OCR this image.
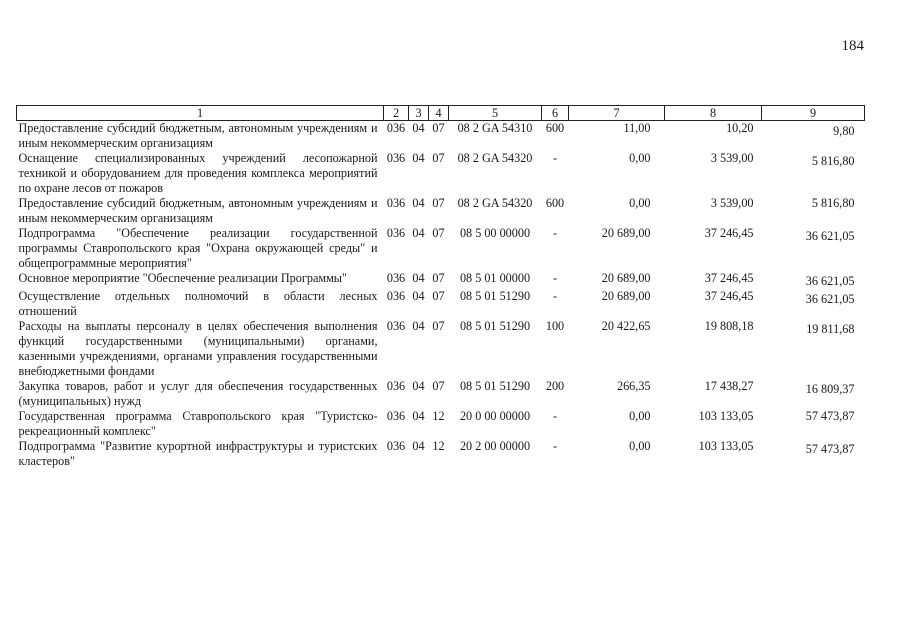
184
1	2	3	4	5	6	7	8	9
Предоставление субсидий бюджетным, автономным учреждениям и иным некоммерческим организациям	036	04	07	08 2 GA 54310	600	11,00	10,20	9,80
Оснащение специализированных учреждений лесопожарной техникой и оборудованием для проведения комплекса мероприятий по охране лесов от пожаров	036	04	07	08 2 GA 54320	-	0,00	3 539,00	5 816,80
Предоставление субсидий бюджетным, автономным учреждениям и иным некоммерческим организациям	036	04	07	08 2 GA 54320	600	0,00	3 539,00	5 816,80
Подпрограмма "Обеспечение реализации государственной программы Ставропольского края "Охрана окружающей среды" и общепрограммные мероприятия"	036	04	07	08 5 00 00000	-	20 689,00	37 246,45	36 621,05
Основное мероприятие "Обеспечение реализации Программы"	036	04	07	08 5 01 00000	-	20 689,00	37 246,45	36 621,05
Осуществление отдельных полномочий в области лесных отношений	036	04	07	08 5 01 51290	-	20 689,00	37 246,45	36 621,05
Расходы на выплаты персоналу в целях обеспечения выполнения функций государственными (муниципальными) органами, казенными учреждениями, органами управления государственными внебюджетными фондами	036	04	07	08 5 01 51290	100	20 422,65	19 808,18	19 811,68
Закупка товаров, работ и услуг для обеспечения государственных (муниципальных) нужд	036	04	07	08 5 01 51290	200	266,35	17 438,27	16 809,37
Государственная программа Ставропольского края "Туристско-рекреационный комплекс"	036	04	12	20 0 00 00000	-	0,00	103 133,05	57 473,87
Подпрограмма "Развитие курортной инфраструктуры и туристских кластеров"	036	04	12	20 2 00 00000	-	0,00	103 133,05	57 473,87
